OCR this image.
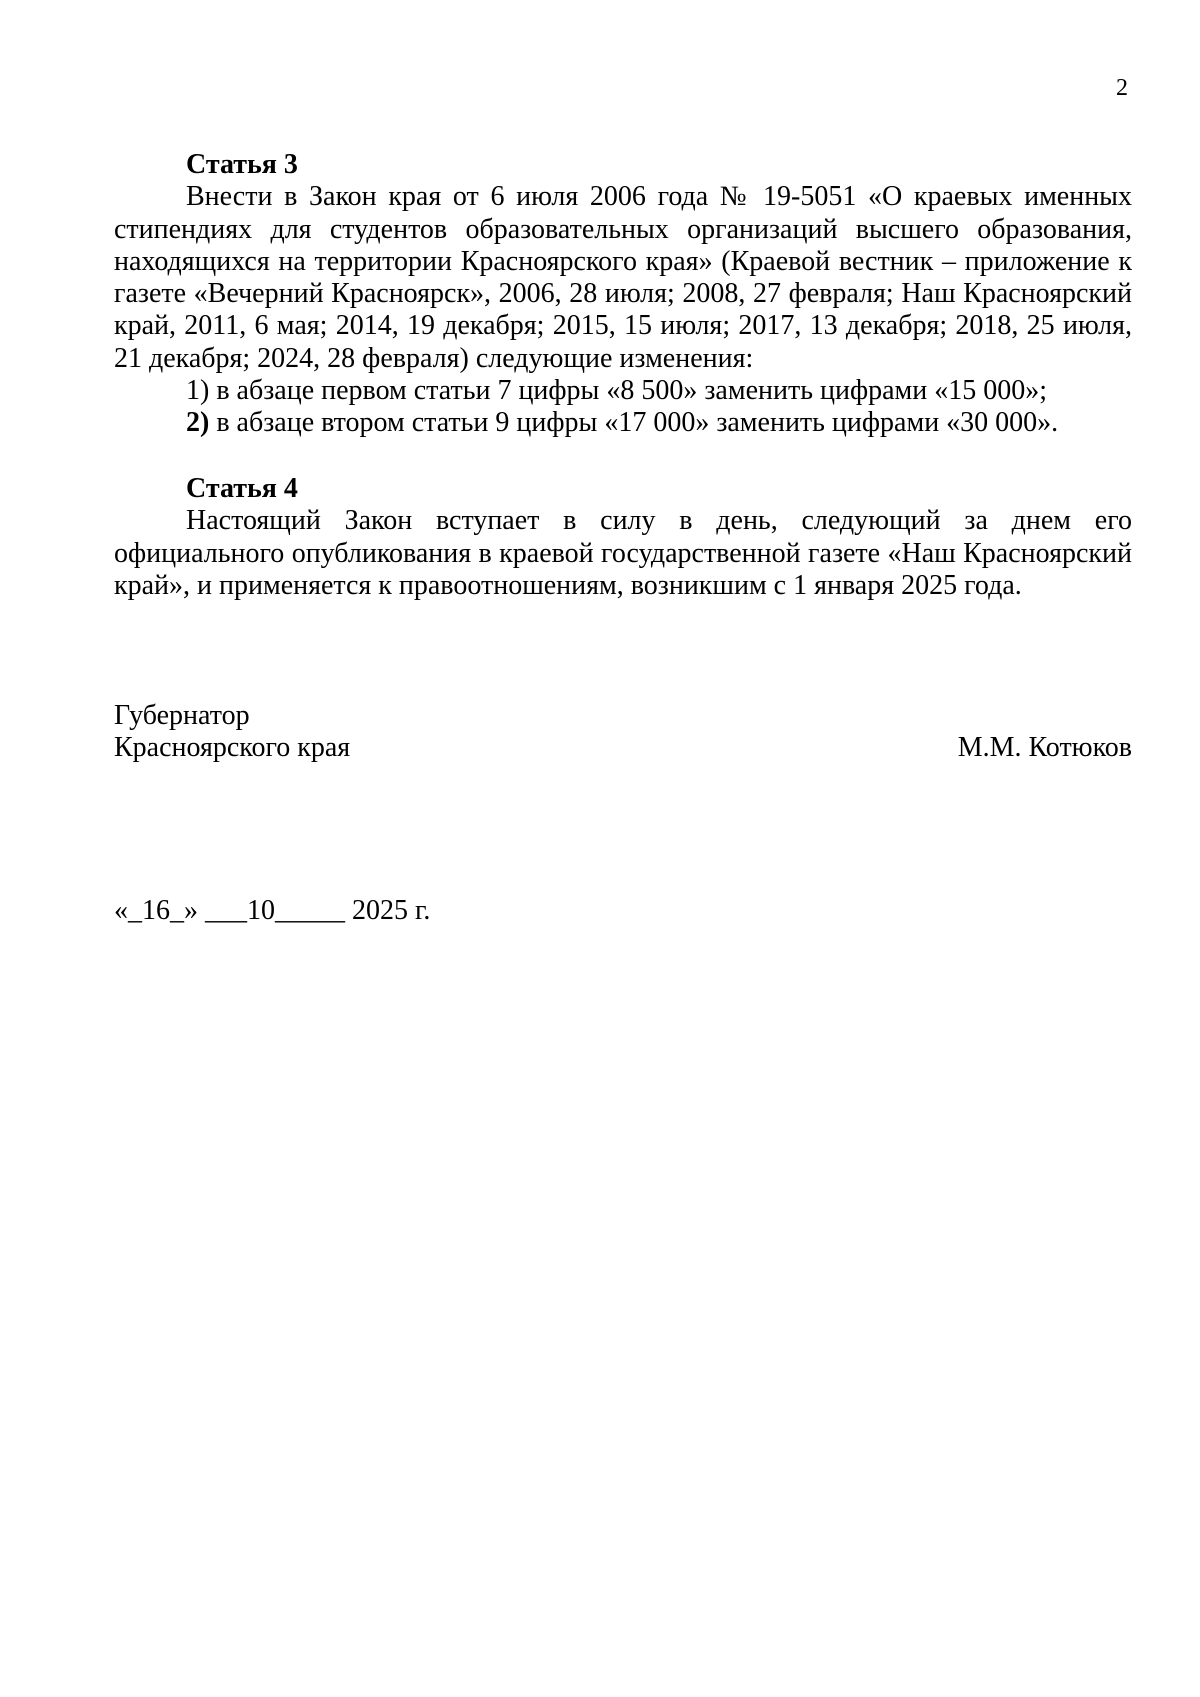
2

Статья 3

Внести в Закон края от 6 июля 2006 года № 19-5051 «О краевых именных стипендиях для студентов образовательных организаций высшего образования, находящихся на территории Красноярского края» (Краевой вестник – приложение к газете «Вечерний Красноярск», 2006, 28 июля; 2008, 27 февраля; Наш Красноярский край, 2011, 6 мая; 2014, 19 декабря; 2015, 15 июля; 2017, 13 декабря; 2018, 25 июля, 21 декабря; 2024, 28 февраля) следующие изменения:

1) в абзаце первом статьи 7 цифры «8 500» заменить цифрами «15 000»;

2) в абзаце втором статьи 9 цифры «17 000» заменить цифрами «30 000».

Статья 4

Настоящий Закон вступает в силу в день, следующий за днем его официального опубликования в краевой государственной газете «Наш Красноярский край», и применяется к правоотношениям, возникшим с 1 января 2025 года.

Губернатор
Красноярского края	М.М. Котюков
«_16_» ___10_____ 2025 г.
